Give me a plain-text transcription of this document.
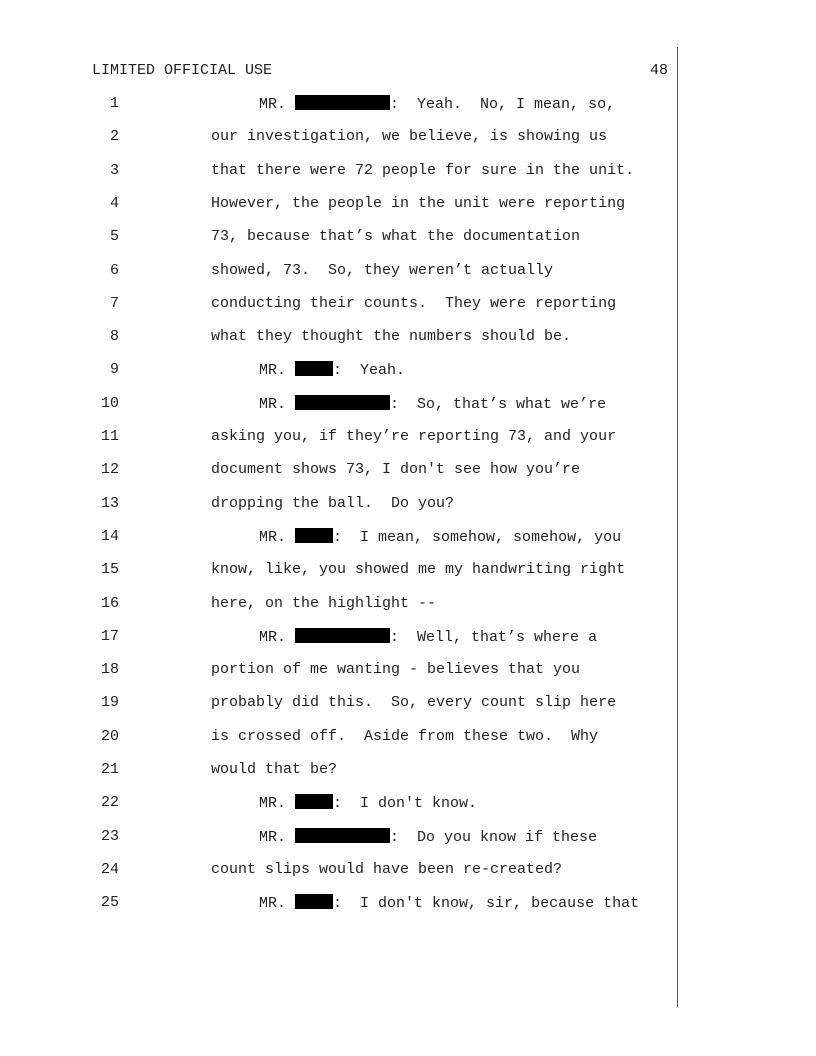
LIMITED OFFICIAL USE	48
1	MR.	:  Yeah.  No, I mean, so,
2	our investigation, we believe, is showing us
3	that there were 72 people for sure in the unit.
4	However, the people in the unit were reporting
5	73, because that’s what the documentation
6	showed, 73.  So, they weren’t actually
7	conducting their counts.  They were reporting
8	what they thought the numbers should be.
9	MR.	:  Yeah.
10	MR.	:  So, that’s what we’re
11	asking you, if they’re reporting 73, and your
12	document shows 73, I don't see how you’re
13	dropping the ball.  Do you?
14	MR.	:  I mean, somehow, somehow, you
15	know, like, you showed me my handwriting right
16	here, on the highlight --
17	MR.	:  Well, that’s where a
18	portion of me wanting - believes that you
19	probably did this.  So, every count slip here
20	is crossed off.  Aside from these two.  Why
21	would that be?
22	MR.	:  I don't know.
23	MR.	:  Do you know if these
24	count slips would have been re-created?
25	MR.	:  I don't know, sir, because that
